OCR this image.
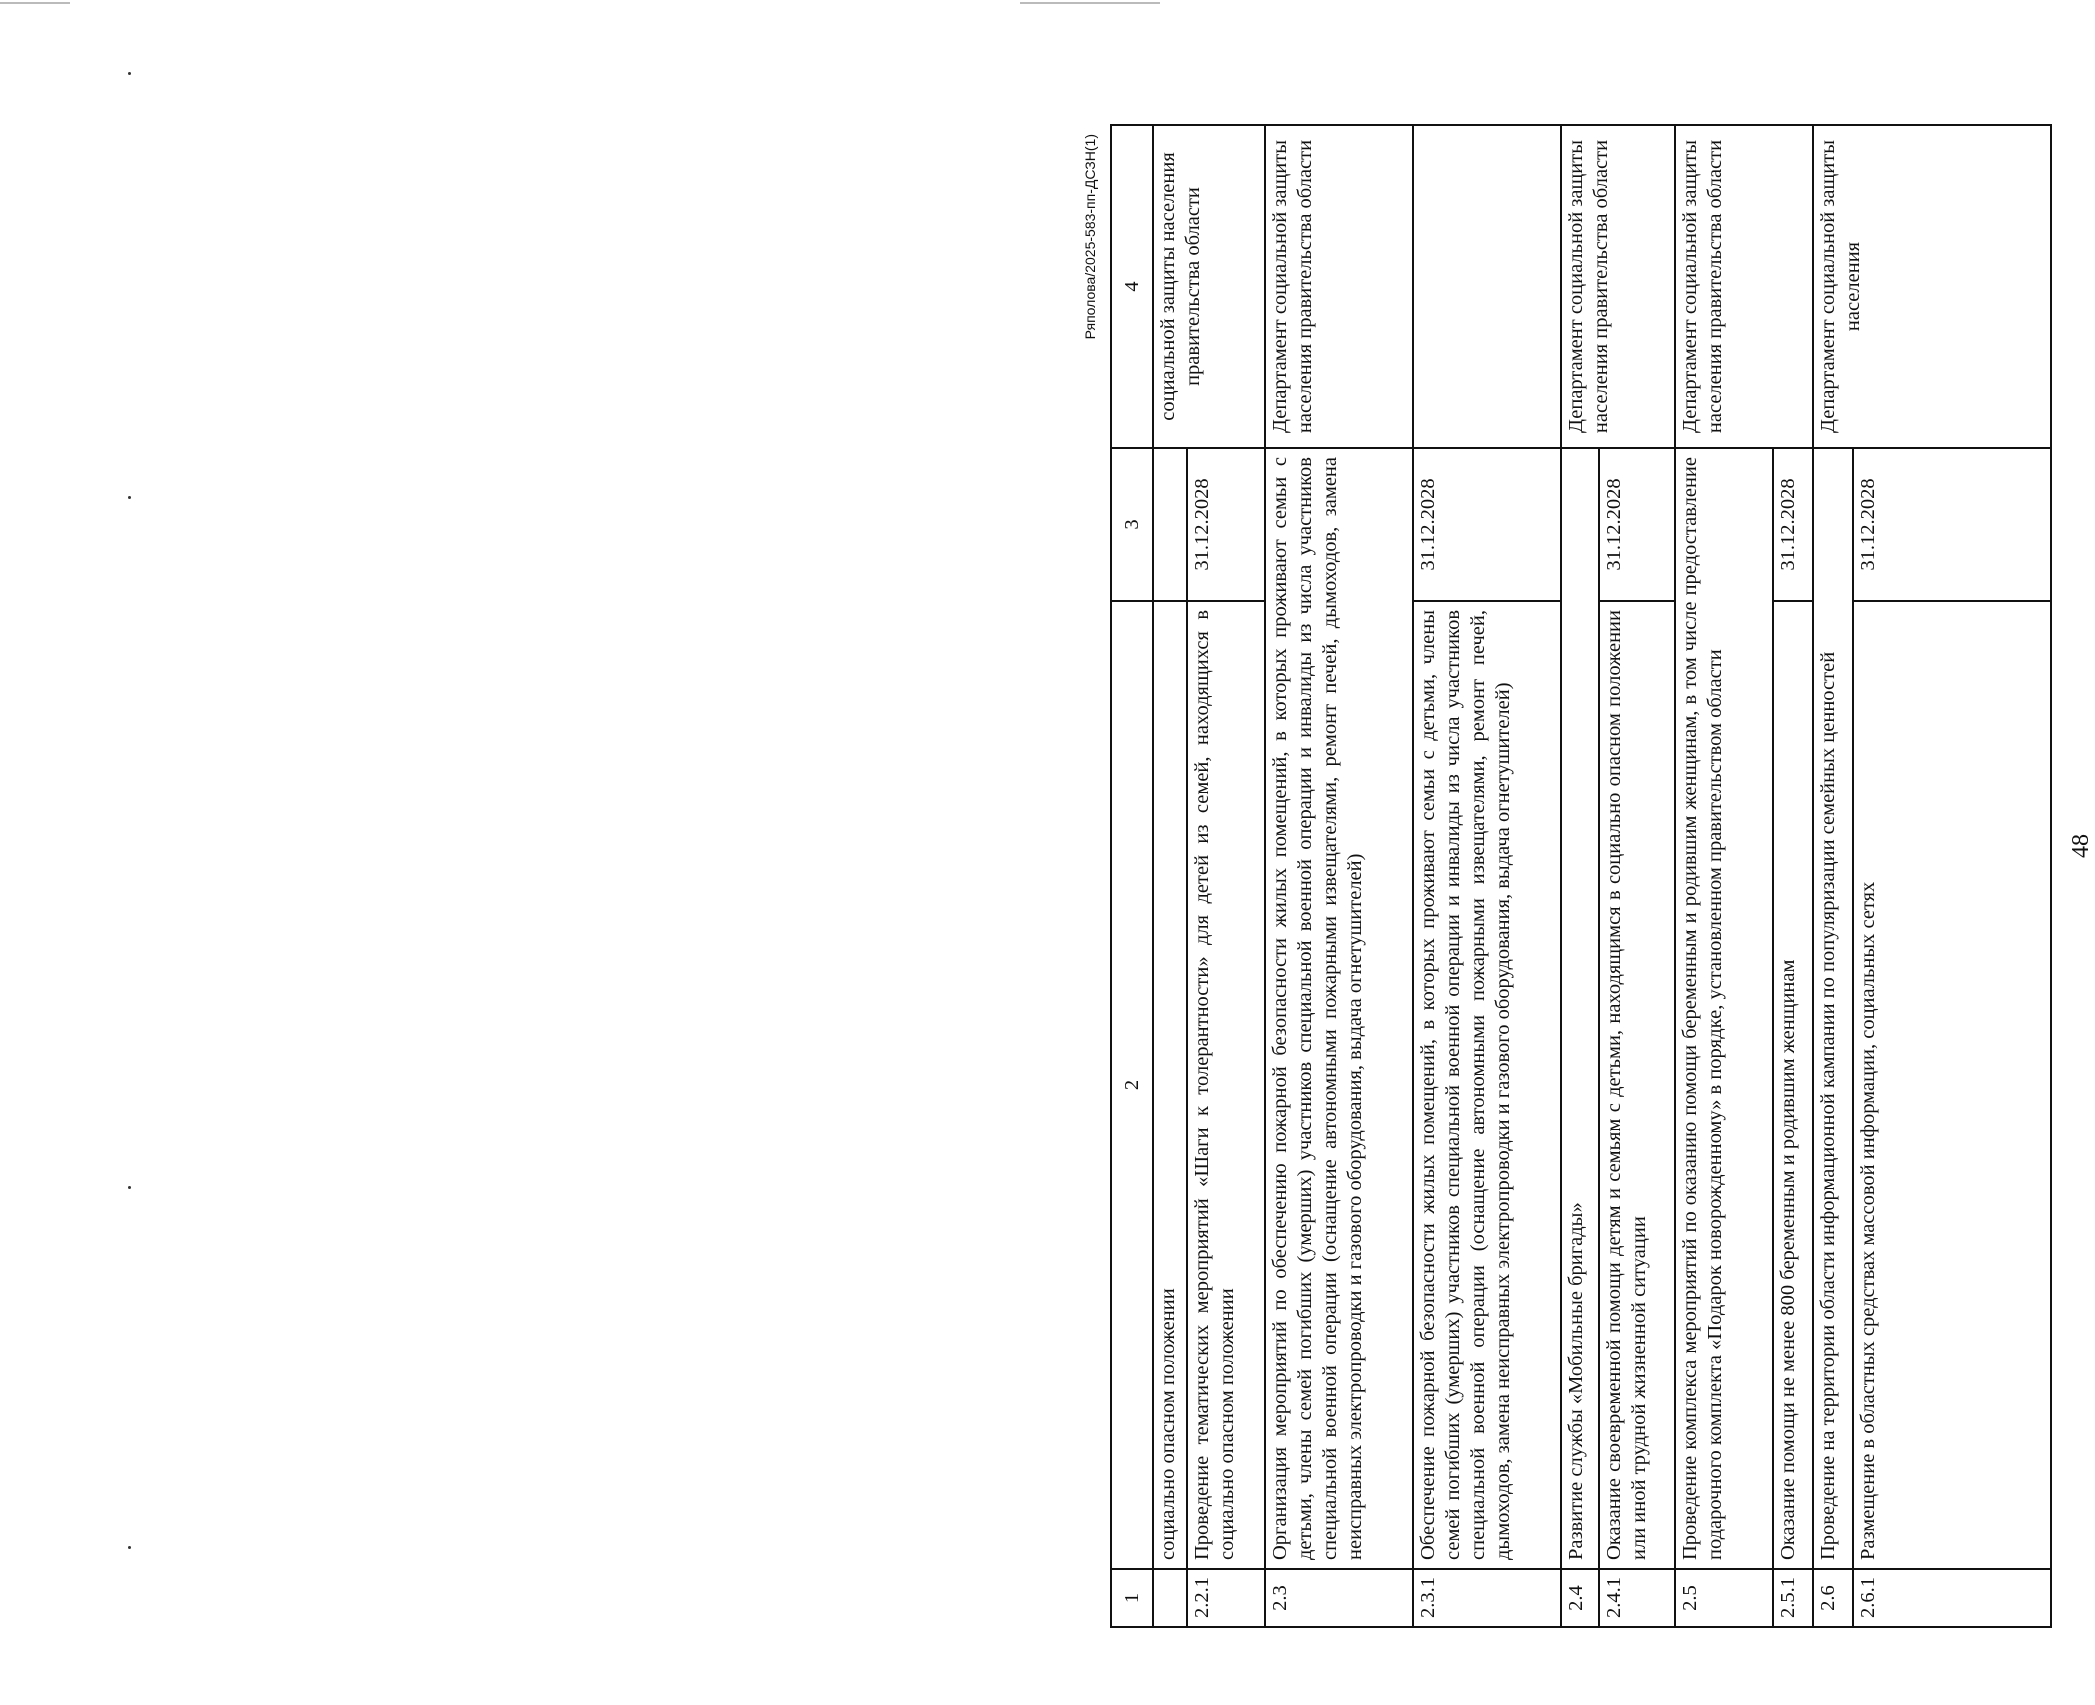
48
Ряполова/2025-583-пп-ДСЗН(1)
1	2	3	4
	социально опасном положении		социальной защиты населения правительства области
2.2.1	Проведение тематических мероприятий «Шаги к толерантности» для детей из семей, находящихся в социально опасном положении	31.12.2028	
2.3	Организация мероприятий по обеспечению пожарной безопасности жилых помещений, в которых проживают семьи с детьми, члены семей погибших (умерших) участников специальной военной операции и инвалиды из числа участников специальной военной операции (оснащение автономными пожарными извещателями, ремонт печей, дымоходов, замена неисправных электропроводки и газового оборудования, выдача огнетушителей)		Департамент социальной защиты населения правительства области
2.3.1	Обеспечение пожарной безопасности жилых помещений, в которых проживают семьи с детьми, члены семей погибших (умерших) участников специальной военной операции и инвалиды из числа участников специальной военной операции (оснащение автономными пожарными извещателями, ремонт печей, дымоходов, замена неисправных электропроводки и газового оборудования, выдача огнетушителей)	31.12.2028	
2.4	Развитие службы «Мобильные бригады»		Департамент социальной защиты населения правительства области
2.4.1	Оказание своевременной помощи детям и семьям с детьми, находящимся в социально опасном положении или иной трудной жизненной ситуации	31.12.2028	
2.5	Проведение комплекса мероприятий по оказанию помощи беременным и родившим женщинам, в том числе предоставление подарочного комплекта «Подарок новорожденному» в порядке, установленном правительством области		Департамент социальной защиты населения правительства области
2.5.1	Оказание помощи не менее 800 беременным и родившим женщинам	31.12.2028	
2.6	Проведение на территории области информационной кампании по популяризации семейных ценностей		Департамент социальной защиты населения
2.6.1	Размещение в областных средствах массовой информации, социальных сетях	31.12.2028	
